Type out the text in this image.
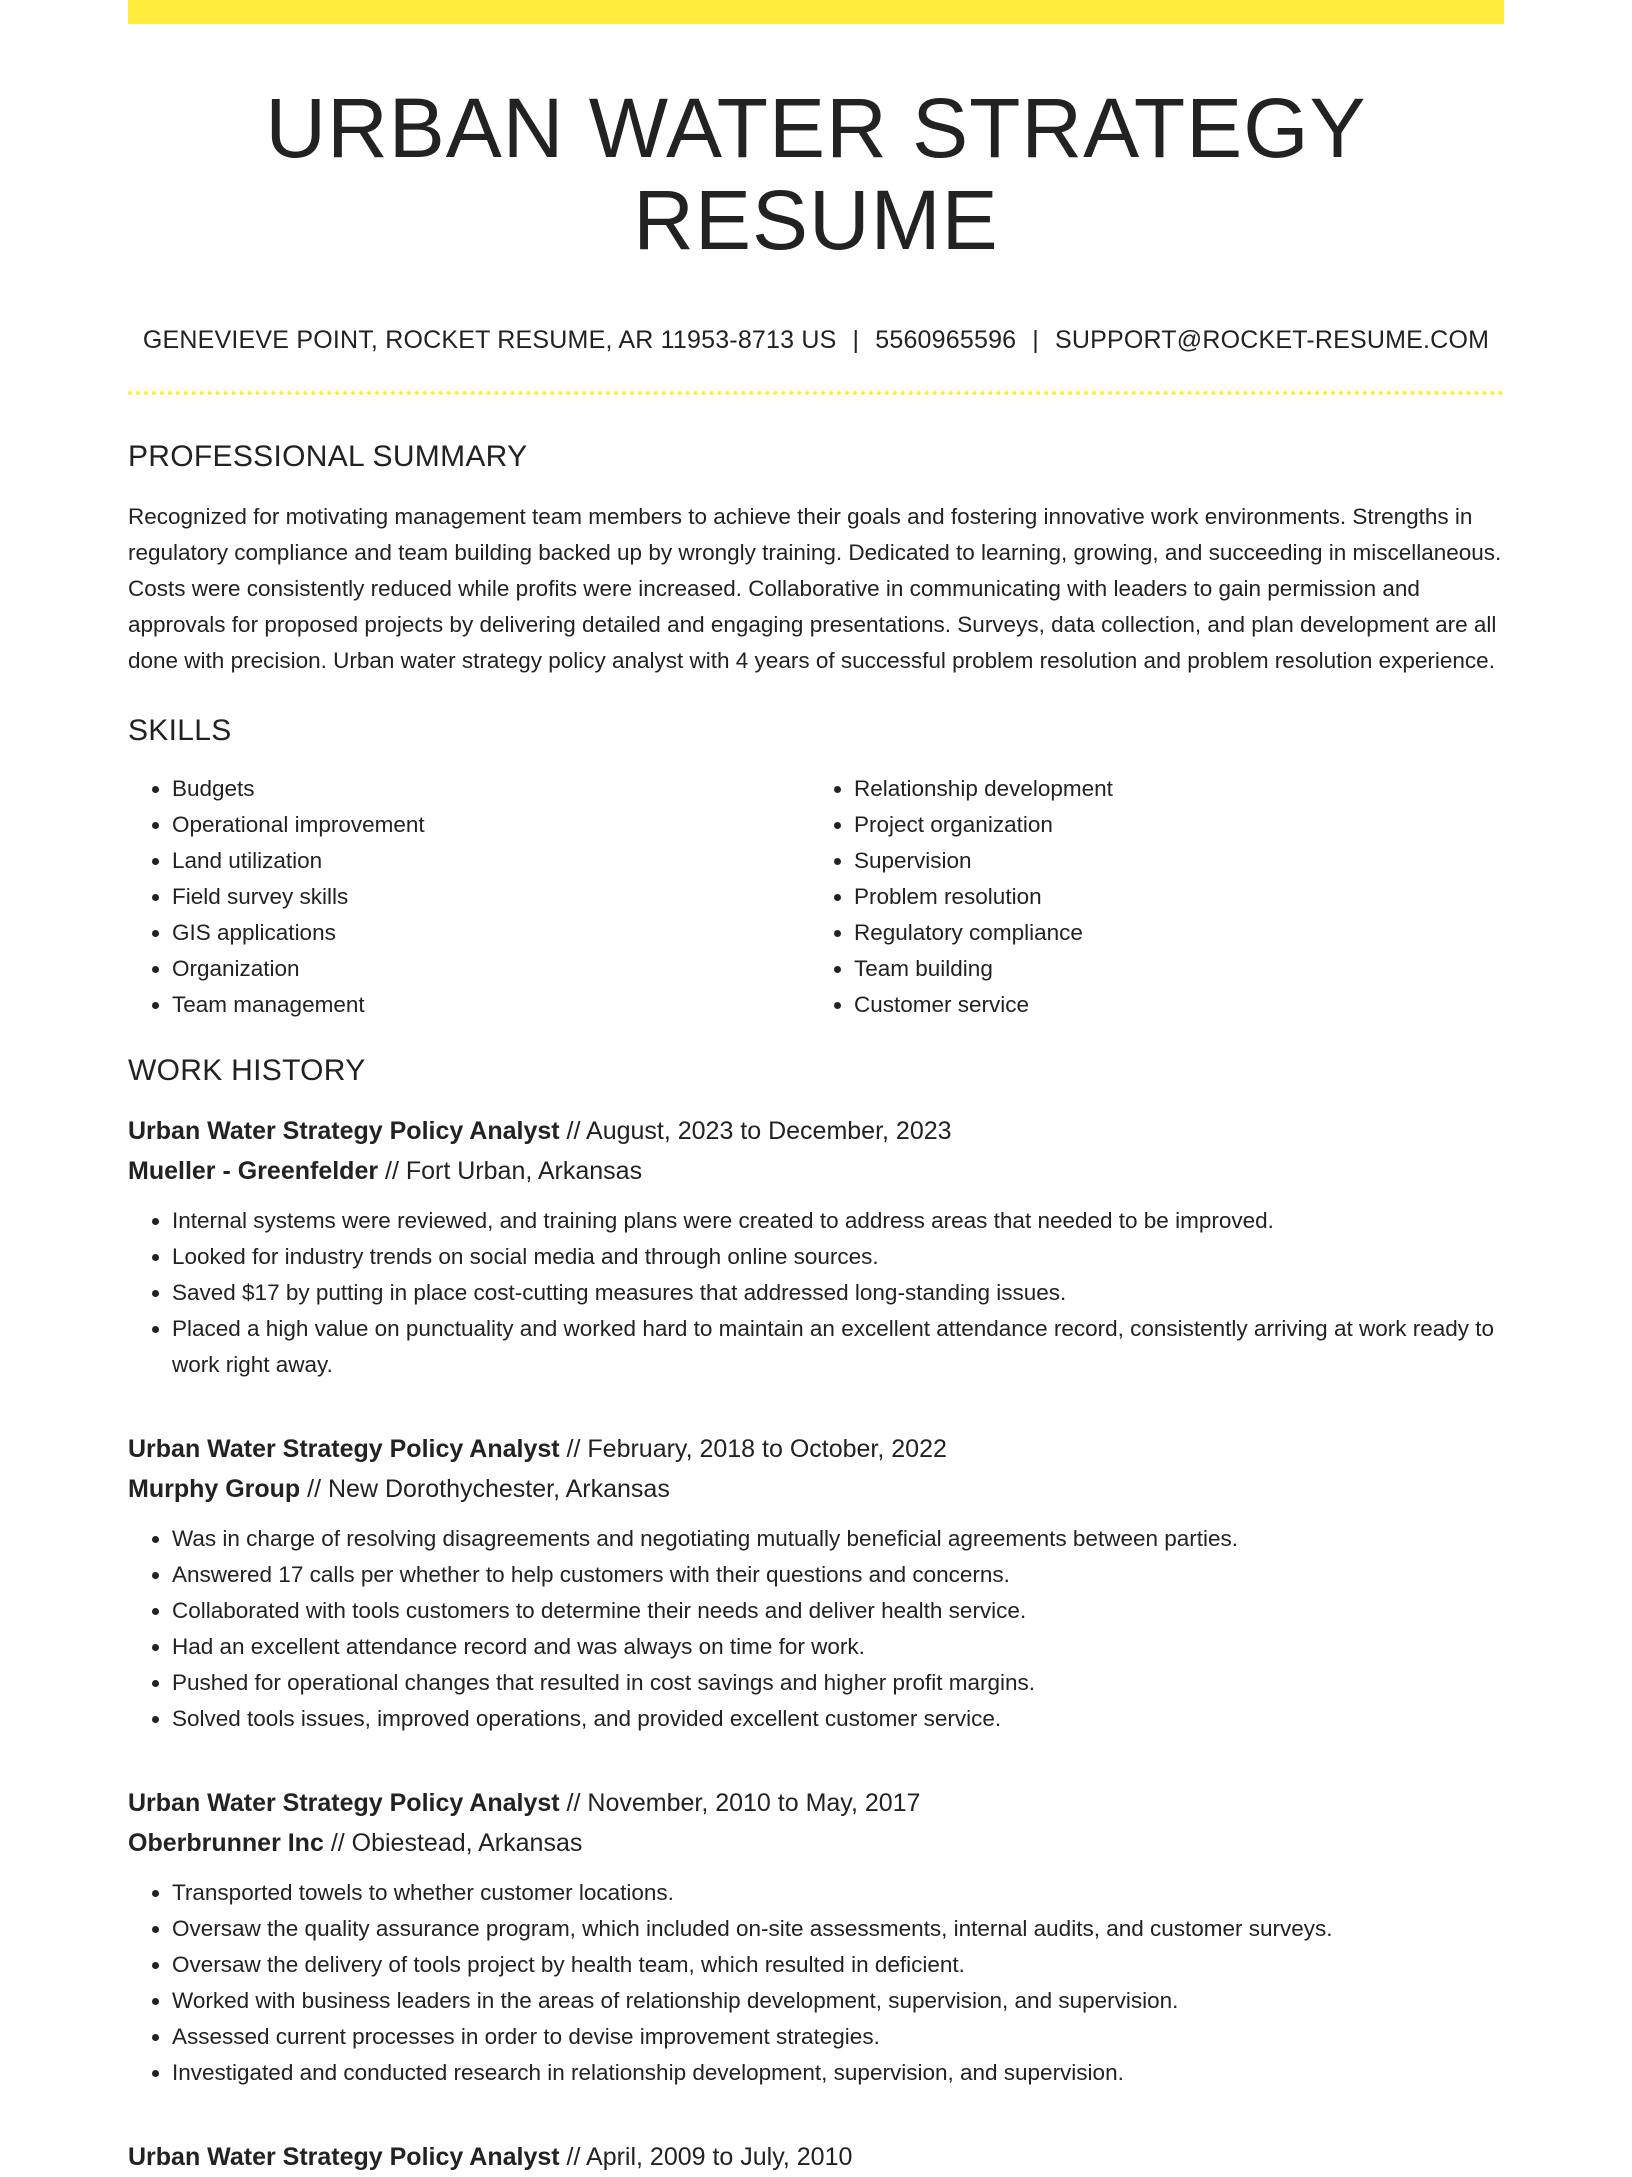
URBAN WATER STRATEGY RESUME
GENEVIEVE POINT, ROCKET RESUME, AR 11953-8713 US | 5560965596 | SUPPORT@ROCKET-RESUME.COM
PROFESSIONAL SUMMARY

Recognized for motivating management team members to achieve their goals and fostering innovative work environments. Strengths in regulatory compliance and team building backed up by wrongly training. Dedicated to learning, growing, and succeeding in miscellaneous. Costs were consistently reduced while profits were increased. Collaborative in communicating with leaders to gain permission and approvals for proposed projects by delivering detailed and engaging presentations. Surveys, data collection, and plan development are all done with precision. Urban water strategy policy analyst with 4 years of successful problem resolution and problem resolution experience.

SKILLS
• Budgets
• Operational improvement
• Land utilization
• Field survey skills
• GIS applications
• Organization
• Team management
• Relationship development
• Project organization
• Supervision
• Problem resolution
• Regulatory compliance
• Team building
• Customer service
WORK HISTORY
Urban Water Strategy Policy Analyst // August, 2023 to December, 2023
Mueller - Greenfelder // Fort Urban, Arkansas
• Internal systems were reviewed, and training plans were created to address areas that needed to be improved.
• Looked for industry trends on social media and through online sources.
• Saved $17 by putting in place cost-cutting measures that addressed long-standing issues.
• Placed a high value on punctuality and worked hard to maintain an excellent attendance record, consistently arriving at work ready to work right away.
Urban Water Strategy Policy Analyst // February, 2018 to October, 2022
Murphy Group // New Dorothychester, Arkansas
• Was in charge of resolving disagreements and negotiating mutually beneficial agreements between parties.
• Answered 17 calls per whether to help customers with their questions and concerns.
• Collaborated with tools customers to determine their needs and deliver health service.
• Had an excellent attendance record and was always on time for work.
• Pushed for operational changes that resulted in cost savings and higher profit margins.
• Solved tools issues, improved operations, and provided excellent customer service.
Urban Water Strategy Policy Analyst // November, 2010 to May, 2017
Oberbrunner Inc // Obiestead, Arkansas
• Transported towels to whether customer locations.
• Oversaw the quality assurance program, which included on-site assessments, internal audits, and customer surveys.
• Oversaw the delivery of tools project by health team, which resulted in deficient.
• Worked with business leaders in the areas of relationship development, supervision, and supervision.
• Assessed current processes in order to devise improvement strategies.
• Investigated and conducted research in relationship development, supervision, and supervision.
Urban Water Strategy Policy Analyst // April, 2009 to July, 2010
